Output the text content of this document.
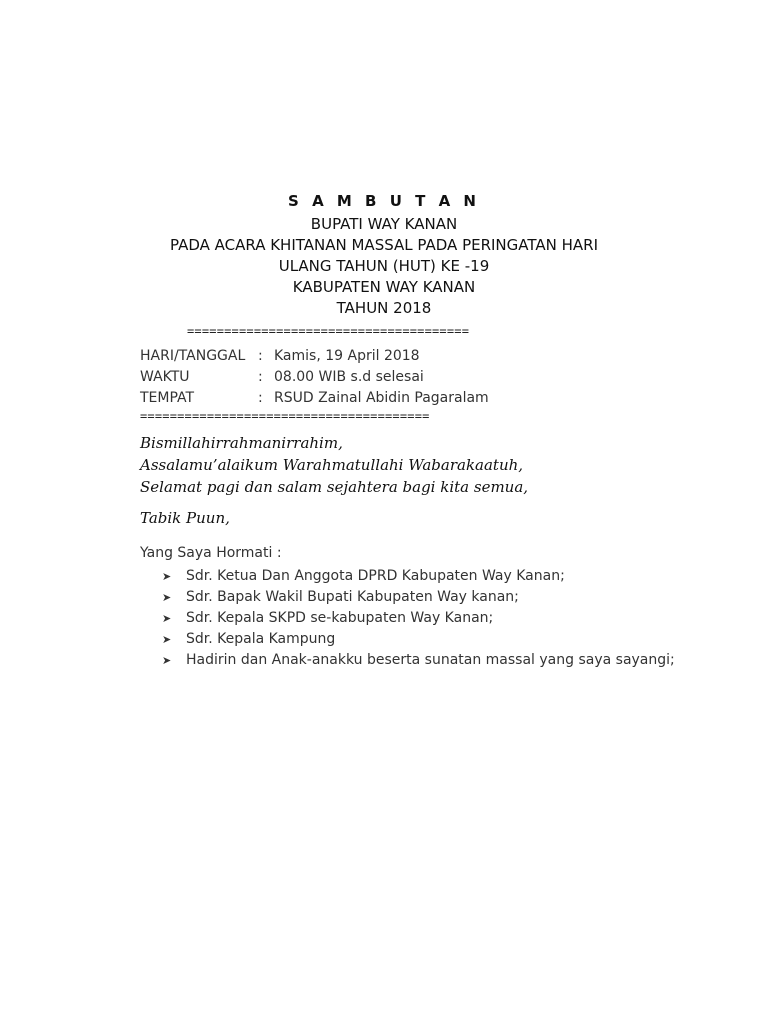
S A M B U T A N

BUPATI WAY KANAN

PADA ACARA KHITANAN MASSAL PADA PERINGATAN HARI

ULANG TAHUN (HUT) KE -19

KABUPATEN WAY KANAN

TAHUN 2018

======================================
HARI/TANGGAL : Kamis, 19 April 2018
WAKTU	: 08.00 WIB s.d selesai
TEMPAT	: RSUD Zainal Abidin Pagaralam
=======================================

Bismillahirrahmanirrahim,

Assalamu’alaikum Warahmatullahi Wabarakaatuh,

Selamat pagi dan salam sejahtera bagi kita semua,

Tabik Puun,

Yang Saya Hormati :

➤	Sdr. Ketua Dan Anggota DPRD Kabupaten Way Kanan;
➤	Sdr. Bapak Wakil Bupati Kabupaten Way kanan;
➤	Sdr. Kepala SKPD se-kabupaten Way Kanan;
➤	Sdr. Kepala Kampung
➤	Hadirin dan Anak-anakku beserta sunatan massal yang saya sayangi;
